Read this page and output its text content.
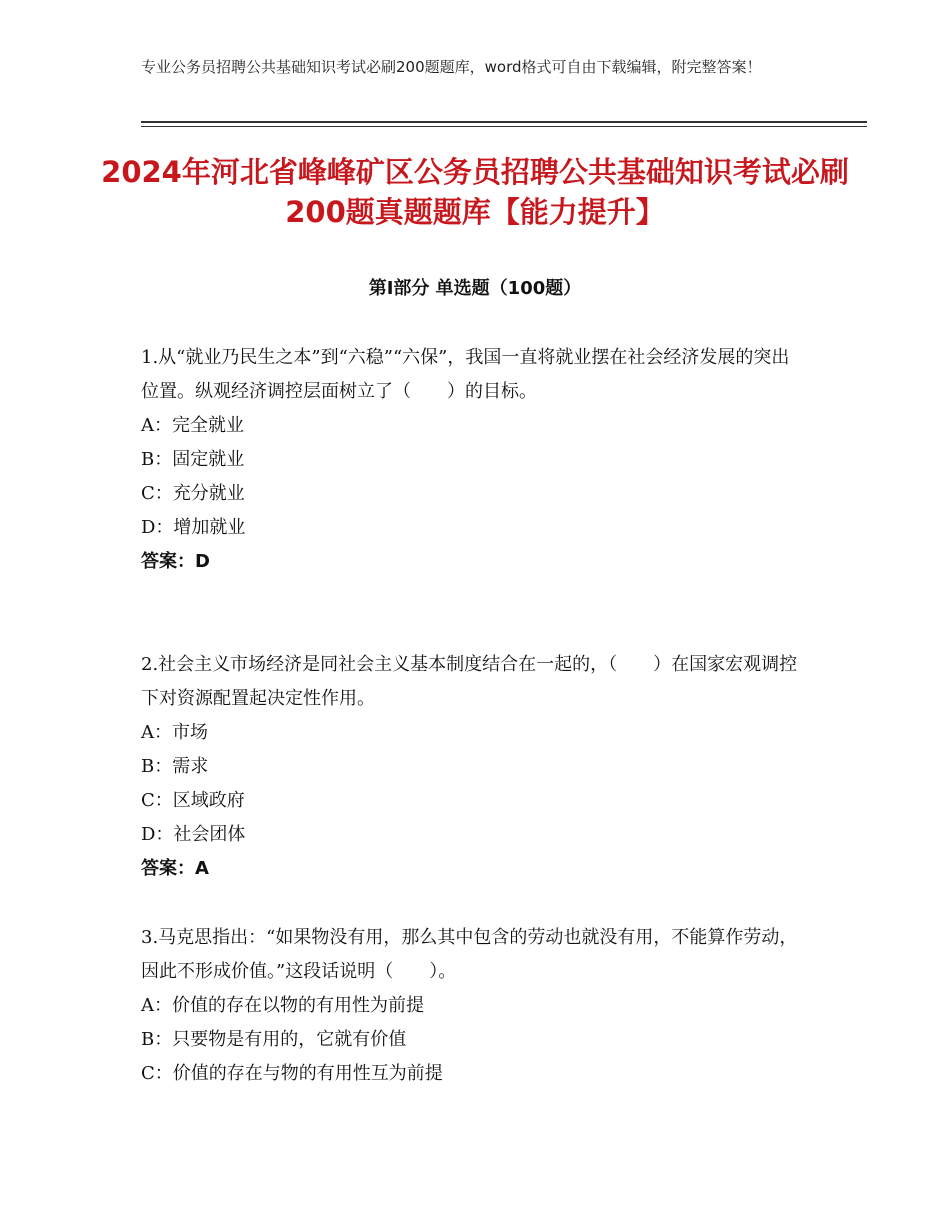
专业公务员招聘公共基础知识考试必刷200题题库，word格式可自由下载编辑，附完整答案！
2024年河北省峰峰矿区公务员招聘公共基础知识考试必刷200题真题题库【能力提升】
第Ⅰ部分 单选题（100题）

1.从“就业乃民生之本”到“六稳”“六保”，我国一直将就业摆在社会经济发展的突出位置。纵观经济调控层面树立了（　　）的目标。

A：完全就业

B：固定就业

C：充分就业

D：增加就业

答案：D

2.社会主义市场经济是同社会主义基本制度结合在一起的，（　　）在国家宏观调控下对资源配置起决定性作用。

A：市场

B：需求

C：区域政府

D：社会团体

答案：A

3.马克思指出：“如果物没有用，那么其中包含的劳动也就没有用，不能算作劳动，因此不形成价值。”这段话说明（　　）。

A：价值的存在以物的有用性为前提

B：只要物是有用的，它就有价值

C：价值的存在与物的有用性互为前提
